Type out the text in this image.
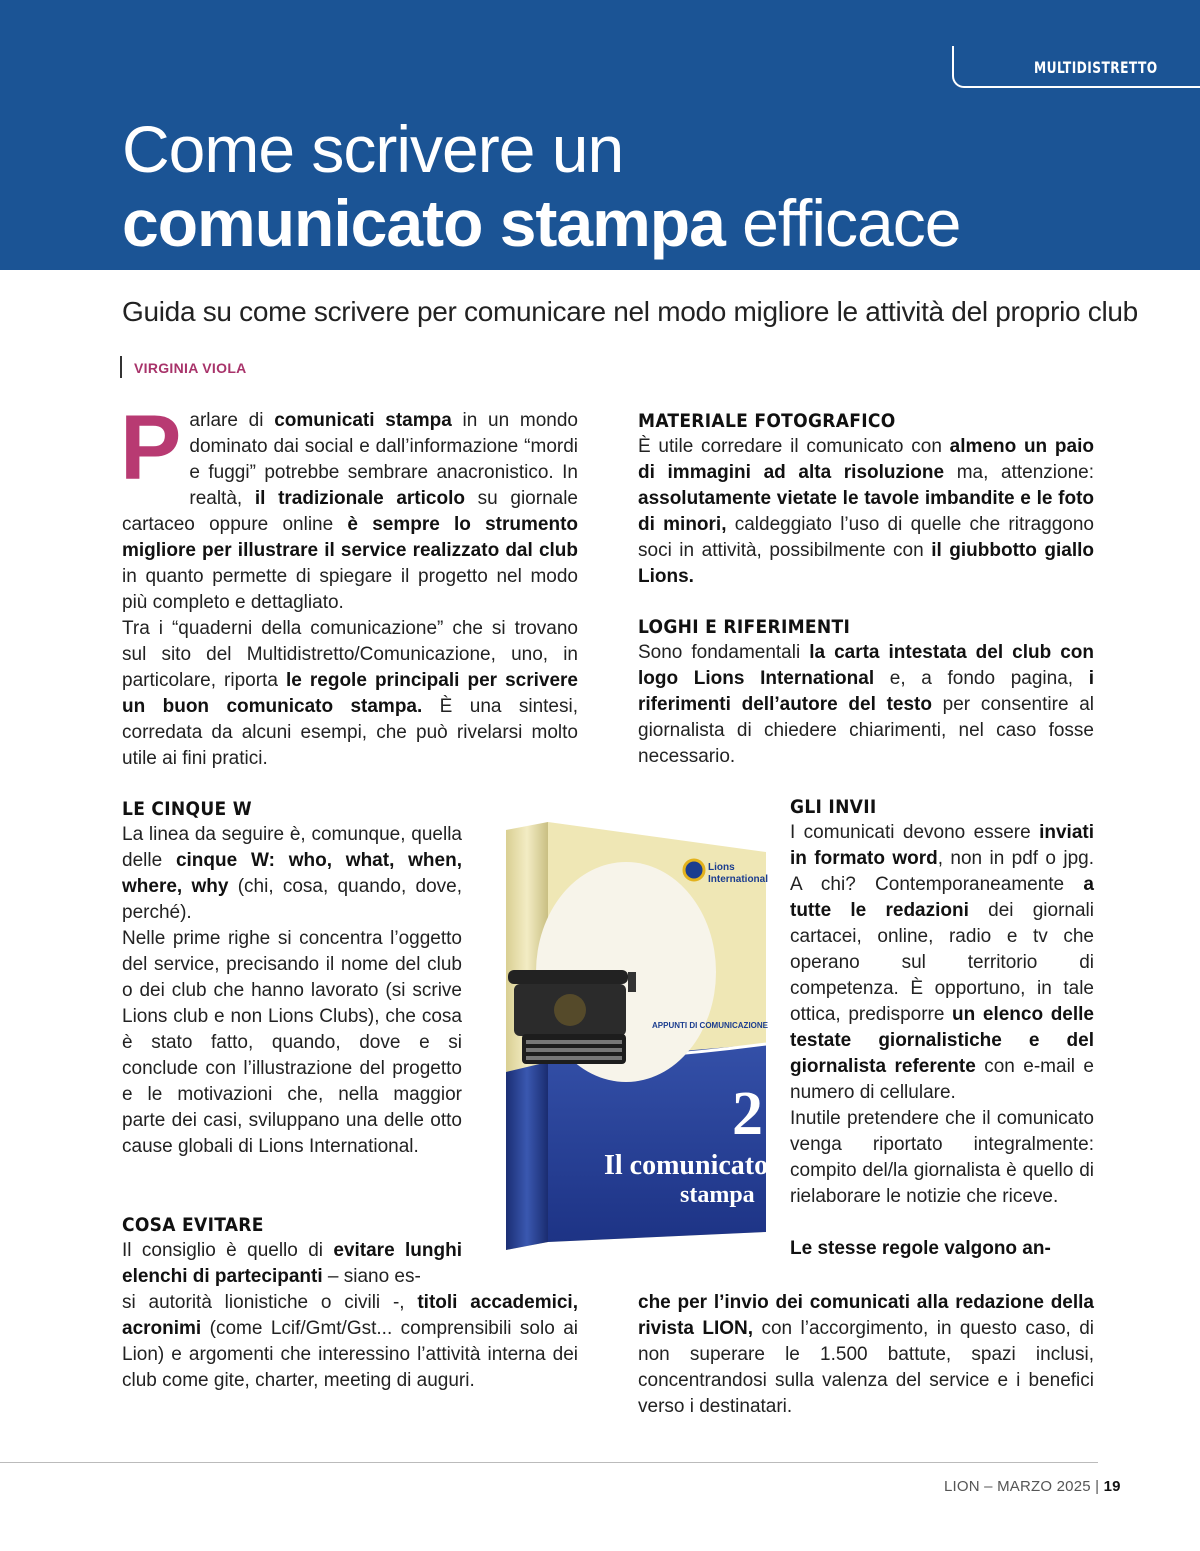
MULTIDISTRETTO
Come scrivere un
comunicato stampa efficace
Guida su come scrivere per comunicare nel modo migliore le attività del proprio club
VIRGINIA VIOLA

Parlare di comunicati stampa in un mondo dominato dai social e dall’informazione “mordi e fuggi” potrebbe sembrare anacronistico. In realtà, il tradizionale articolo su giornale cartaceo oppure online è sempre lo strumento migliore per illustrare il service realizzato dal club in quanto permette di spiegare il progetto nel modo più completo e dettagliato.

Tra i “quaderni della comunicazione” che si trovano sul sito del Multidistretto/Comunicazione, uno, in particolare, riporta le regole principali per scrivere un buon comunicato stampa. È una sintesi, corredata da alcuni esempi, che può rivelarsi molto utile ai fini pratici.

LE CINQUE W

La linea da seguire è, comunque, quella delle cinque W: who, what, when, where, why (chi, cosa, quando, dove, perché).

Nelle prime righe si concentra l’oggetto del service, precisando il nome del club o dei club che hanno lavorato (si scrive Lions club e non Lions Clubs), che cosa è stato fatto, quando, dove e si conclude con l’illustrazione del progetto e le motivazioni che, nella maggior parte dei casi, sviluppano una delle otto cause globali di Lions International.

COSA EVITARE

Il consiglio è quello di evitare lunghi elenchi di partecipanti – siano es-

si autorità lionistiche o civili -, titoli accademici, acronimi (come Lcif/Gmt/Gst... comprensibili solo ai Lion) e argomenti che interessino l’attività interna dei club come gite, charter, meeting di auguri.

MATERIALE FOTOGRAFICO

È utile corredare il comunicato con almeno un paio di immagini ad alta risoluzione ma, attenzione: assolutamente vietate le tavole imbandite e le foto di minori, caldeggiato l’uso di quelle che ritraggono soci in attività, possibilmente con il giubbotto giallo Lions.

LOGHI E RIFERIMENTI

Sono fondamentali la carta intestata del club con logo Lions International e, a fondo pagina, i riferimenti dell’autore del testo per consentire al giornalista di chiedere chiarimenti, nel caso fosse necessario.

GLI INVII

I comunicati devono essere inviati in formato word, non in pdf o jpg. A chi? Contemporaneamente a tutte le redazioni dei giornali cartacei, online, radio e tv che operano sul territorio di competenza. È opportuno, in tale ottica, predisporre un elenco delle testate giornalistiche e del giornalista referente con e-mail e numero di cellulare.

Inutile pretendere che il comunicato venga riportato integralmente: compito del/la giornalista è quello di rielaborare le notizie che riceve.

Le stesse regole valgono an-

che per l’invio dei comunicati alla redazione della rivista LION, con l’accorgimento, in questo caso, di non superare le 1.500 battute, spazi inclusi, concentrandosi sulla valenza del service e i benefici verso i destinatari.

Lions
International
APPUNTI DI COMUNICAZIONE
2
Il comunicato
stampa
LION – MARZO 2025 | 19
